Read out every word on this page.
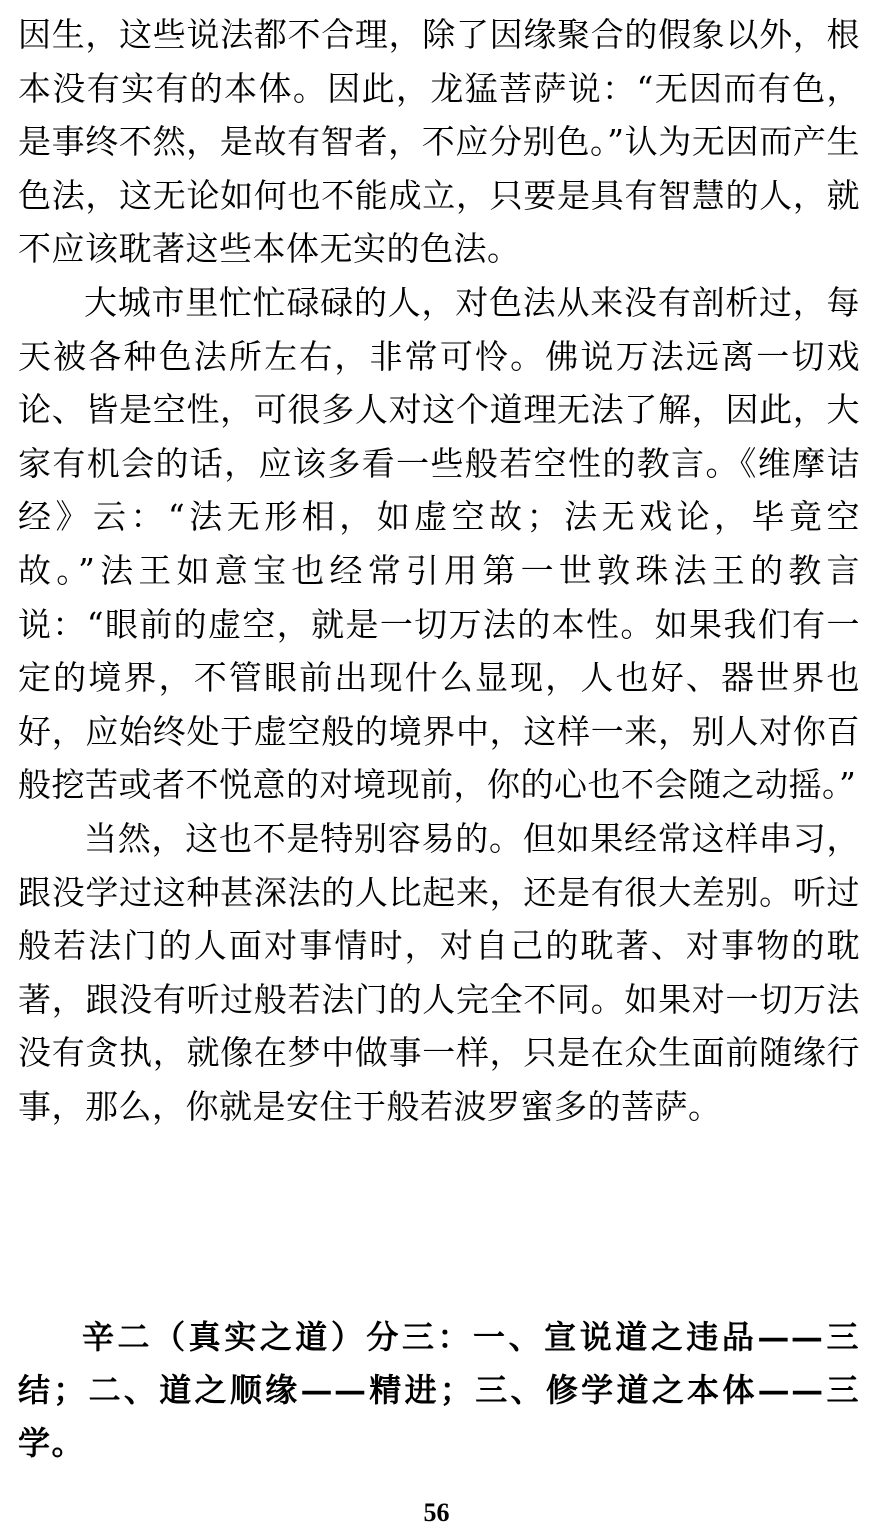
因生，这些说法都不合理，除了因缘聚合的假象以外，根本没有实有的本体。因此，龙猛菩萨说：“无因而有色，是事终不然，是故有智者，不应分别色。”认为无因而产生色法，这无论如何也不能成立，只要是具有智慧的人，就不应该耽著这些本体无实的色法。

大城市里忙忙碌碌的人，对色法从来没有剖析过，每天被各种色法所左右，非常可怜。佛说万法远离一切戏论、皆是空性，可很多人对这个道理无法了解，因此，大家有机会的话，应该多看一些般若空性的教言。《维摩诘经》云：“法无形相，如虚空故；法无戏论，毕竟空故。”法王如意宝也经常引用第一世敦珠法王的教言说：“眼前的虚空，就是一切万法的本性。如果我们有一定的境界，不管眼前出现什么显现，人也好、器世界也好，应始终处于虚空般的境界中，这样一来，别人对你百般挖苦或者不悦意的对境现前，你的心也不会随之动摇。”

当然，这也不是特别容易的。但如果经常这样串习，跟没学过这种甚深法的人比起来，还是有很大差别。听过般若法门的人面对事情时，对自己的耽著、对事物的耽著，跟没有听过般若法门的人完全不同。如果对一切万法没有贪执，就像在梦中做事一样，只是在众生面前随缘行事，那么，你就是安住于般若波罗蜜多的菩萨。

辛二（真实之道）分三：一、宣说道之违品——三结；二、道之顺缘——精进；三、修学道之本体——三学。

56
